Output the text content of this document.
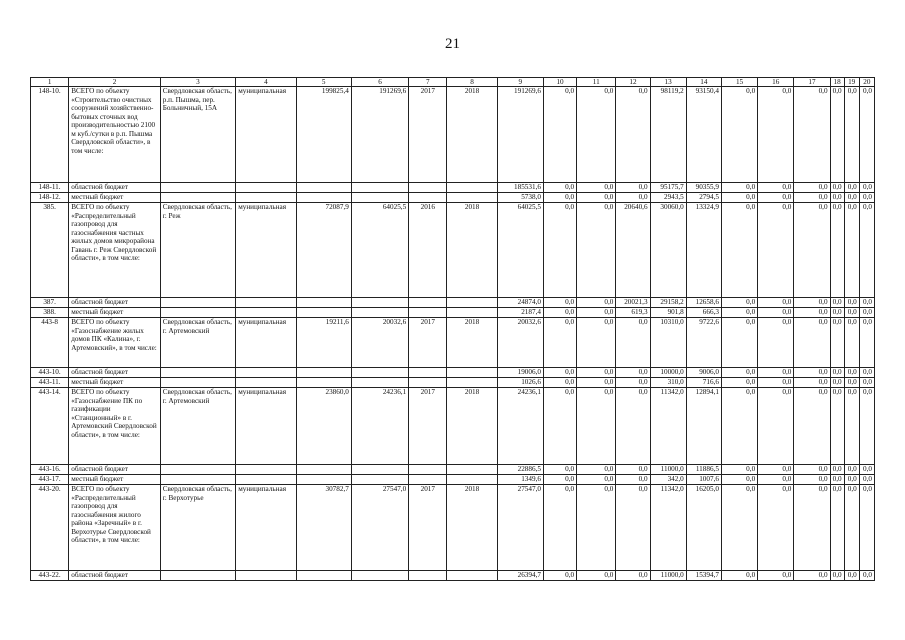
21
1	2	3	4	5	6	7	8	9	10	11	12	13	14	15	16	17	18	19	20
148-10.	ВСЕГО по объекту «Строительство очистных сооружений хозяйственно-бытовых сточных вод производительностью 2100 м куб./сутки в р.п. Пышма Свердловской области», в том числе:	Свердловская область, р.п. Пышма, пер. Больничный, 15А	муниципальная	199825,4	191269,6	2017	2018	191269,6	0,0	0,0	0,0	98119,2	93150,4	0,0	0,0	0,0	0,0	0,0	0,0
148-11.	областной бюджет							185531,6	0,0	0,0	0,0	95175,7	90355,9	0,0	0,0	0,0	0,0	0,0	0,0
148-12.	местный бюджет							5738,0	0,0	0,0	0,0	2943,5	2794,5	0,0	0,0	0,0	0,0	0,0	0,0
385.	ВСЕГО по объекту «Распределительный газопровод для газоснабжения частных жилых домов микрорайона Гавань г. Реж Свердловской области», в том числе:	Свердловская область, г. Реж	муниципальная	72087,9	64025,5	2016	2018	64025,5	0,0	0,0	20640,6	30060,0	13324,9	0,0	0,0	0,0	0,0	0,0	0,0
387.	областной бюджет							24874,0	0,0	0,0	20021,3	29158,2	12658,6	0,0	0,0	0,0	0,0	0,0	0,0
388.	местный бюджет							2187,4	0,0	0,0	619,3	901,8	666,3	0,0	0,0	0,0	0,0	0,0	0,0
443-8	ВСЕГО по объекту «Газоснабжение жилых домов ПК «Калина», г. Артемовский», в том числе:	Свердловская область, г. Артемовский	муниципальная	19211,6	20032,6	2017	2018	20032,6	0,0	0,0	0,0	10310,0	9722,6	0,0	0,0	0,0	0,0	0,0	0,0
443-10.	областной бюджет							19006,0	0,0	0,0	0,0	10000,0	9006,0	0,0	0,0	0,0	0,0	0,0	0,0
443-11.	местный бюджет							1026,6	0,0	0,0	0,0	310,0	716,6	0,0	0,0	0,0	0,0	0,0	0,0
443-14.	ВСЕГО по объекту «Газоснабжение ПК по газификации «Станционный» в г. Артемовский Свердловской области», в том числе:	Свердловская область, г. Артемовский	муниципальная	23860,0	24236,1	2017	2018	24236,1	0,0	0,0	0,0	11342,0	12894,1	0,0	0,0	0,0	0,0	0,0	0,0
443-16.	областной бюджет							22886,5	0,0	0,0	0,0	11000,0	11886,5	0,0	0,0	0,0	0,0	0,0	0,0
443-17.	местный бюджет							1349,6	0,0	0,0	0,0	342,0	1007,6	0,0	0,0	0,0	0,0	0,0	0,0
443-20.	ВСЕГО по объекту «Распределительный газопровод для газоснабжения жилого района «Заречный» в г. Верхотурье Свердловской области», в том числе:	Свердловская область, г. Верхотурье	муниципальная	30782,7	27547,0	2017	2018	27547,0	0,0	0,0	0,0	11342,0	16205,0	0,0	0,0	0,0	0,0	0,0	0,0
443-22.	областной бюджет							26394,7	0,0	0,0	0,0	11000,0	15394,7	0,0	0,0	0,0	0,0	0,0	0,0
